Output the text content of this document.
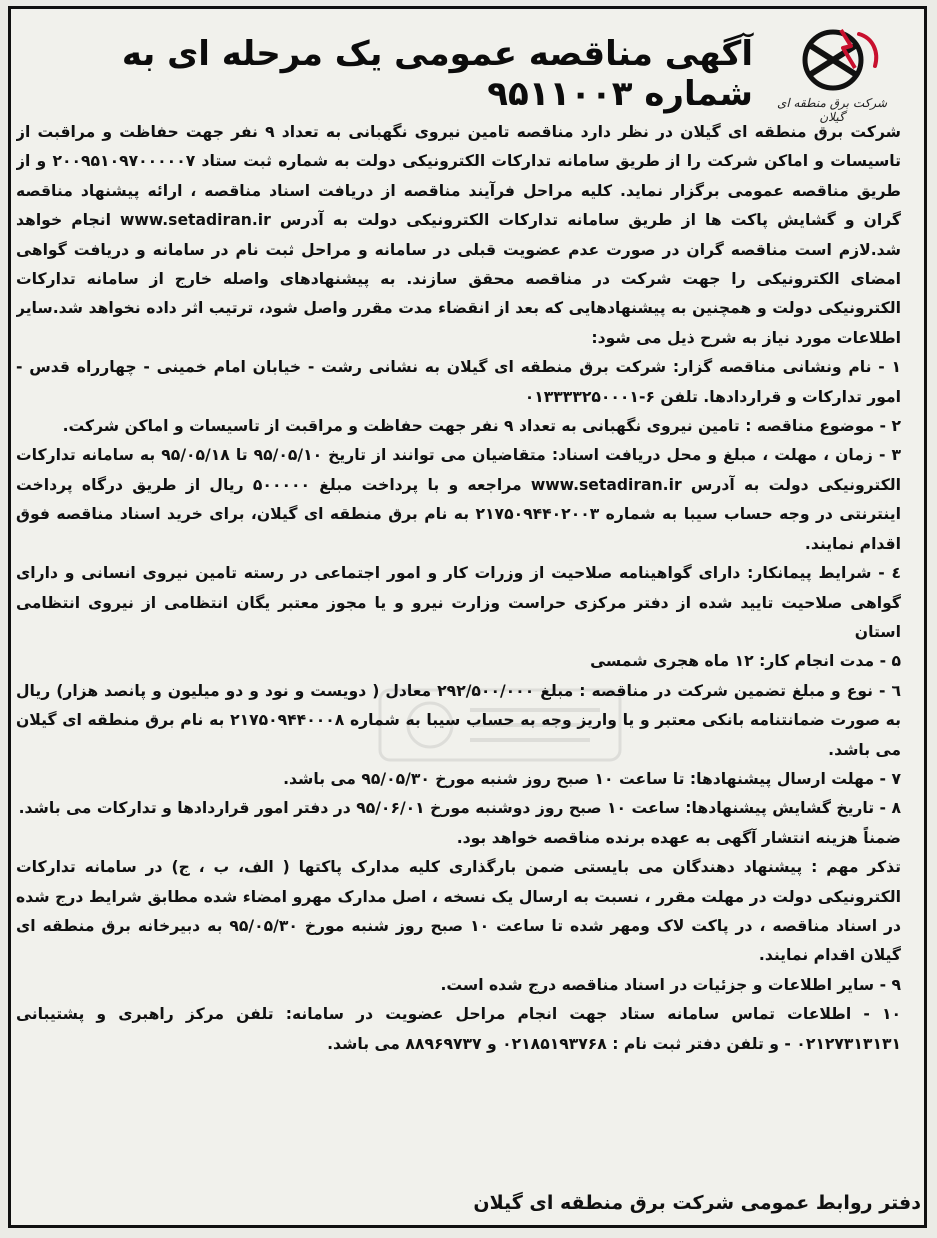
آگهی مناقصه عمومی یک مرحله ای به شماره ۹۵۱۱۰۰۳	شرکت برق منطقه ای گیلان

شرکت برق منطقه ای گیلان در نظر دارد مناقصه تامین نیروی نگهبانی به تعداد ۹ نفر جهت حفاظت و مراقبت از تاسیسات و اماکن شرکت را از طریق سامانه تدارکات الکترونیکی دولت به شماره ثبت ستاد ۲۰۰۹۵۱۰۹۷۰۰۰۰۰۷ و از طریق مناقصه عمومی برگزار نماید. کلیه مراحل فرآیند مناقصه از دریافت اسناد مناقصه ، ارائه پیشنهاد مناقصه گران و گشایش پاکت ها از طریق سامانه تدارکات الکترونیکی دولت به آدرس www.setadiran.ir انجام خواهد شد.لازم است مناقصه گران در صورت عدم عضویت قبلی در سامانه و مراحل ثبت نام در سامانه و دریافت گواهی امضای الکترونیکی را جهت شرکت در مناقصه محقق سازند. به پیشنهادهای واصله خارج از سامانه تدارکات الکترونیکی دولت و همچنین به پیشنهادهایی که بعد از انقضاء مدت مقرر واصل شود، ترتیب اثر داده نخواهد شد.سایر اطلاعات مورد نیاز به شرح ذیل می شود:

۱ - نام ونشانی مناقصه گزار: شرکت برق منطقه ای گیلان به نشانی رشت - خیابان امام خمینی - چهارراه قدس - امور تدارکات و قراردادها. تلفن ۶-۰۱۳۳۳۳۲۵۰۰۰۱

۲ - موضوع مناقصه : تامین نیروی نگهبانی به تعداد ۹ نفر جهت حفاظت و مراقبت از تاسیسات و اماکن شرکت.

۳ - زمان ، مهلت ، مبلغ و محل دریافت اسناد: متقاضیان می توانند از تاریخ ۹۵/۰۵/۱۰ تا ۹۵/۰۵/۱۸ به سامانه تدارکات الکترونیکی دولت به آدرس www.setadiran.ir مراجعه و با پرداخت مبلغ ۵۰۰۰۰۰ ریال از طریق درگاه پرداخت اینترنتی در وجه حساب سیبا به شماره ۲۱۷۵۰۹۴۴۰۲۰۰۳ به نام برق منطقه ای گیلان، برای خرید اسناد مناقصه فوق اقدام نمایند.

٤ - شرایط پیمانکار: دارای گواهینامه صلاحیت از وزرات کار و امور اجتماعی در رسته تامین نیروی انسانی و دارای گواهی صلاحیت تایید شده از دفتر مرکزی حراست وزارت نیرو و یا مجوز معتبر یگان انتظامی از نیروی انتظامی استان

۵ - مدت انجام کار: ۱۲ ماه هجری شمسی

٦ - نوع و مبلغ تضمین شرکت در مناقصه : مبلغ ۲۹۲/۵۰۰/۰۰۰ معادل ( دویست و نود و دو میلیون و پانصد هزار) ریال به صورت ضمانتنامه بانکی معتبر و یا واریز وجه به حساب سیبا به شماره ۲۱۷۵۰۹۴۴۰۰۰۸ به نام برق منطقه ای گیلان می باشد.

۷ - مهلت ارسال پیشنهادها: تا ساعت ۱۰ صبح روز شنبه مورخ ۹۵/۰۵/۳۰ می باشد.

۸ - تاریخ گشایش پیشنهادها: ساعت ۱۰ صبح روز دوشنبه مورخ ۹۵/۰۶/۰۱ در دفتر امور قراردادها و تدارکات می باشد.

ضمناً هزینه انتشار آگهی به عهده برنده مناقصه خواهد بود.

تذکر مهم : پیشنهاد دهندگان می بایستی ضمن بارگذاری کلیه مدارک پاکتها ( الف، ب ، ج) در سامانه تدارکات الکترونیکی دولت در مهلت مقرر ، نسبت به ارسال یک نسخه ، اصل مدارک مهرو امضاء شده مطابق شرایط درج شده در اسناد مناقصه ، در پاکت لاک ومهر شده تا ساعت ۱۰ صبح روز شنبه مورخ ۹۵/۰۵/۳۰ به دبیرخانه برق منطقه ای گیلان اقدام نمایند.

۹ - سایر اطلاعات و جزئیات در اسناد مناقصه درج شده است.

۱۰ - اطلاعات تماس سامانه ستاد جهت انجام مراحل عضویت در سامانه: تلفن مرکز راهبری و پشتیبانی ۰۲۱۲۷۳۱۳۱۳۱ - و تلفن دفتر ثبت نام : ۰۲۱۸۵۱۹۳۷۶۸ و ۸۸۹۶۹۷۳۷ می باشد.

دفتر روابط عمومی شرکت برق منطقه ای گیلان
